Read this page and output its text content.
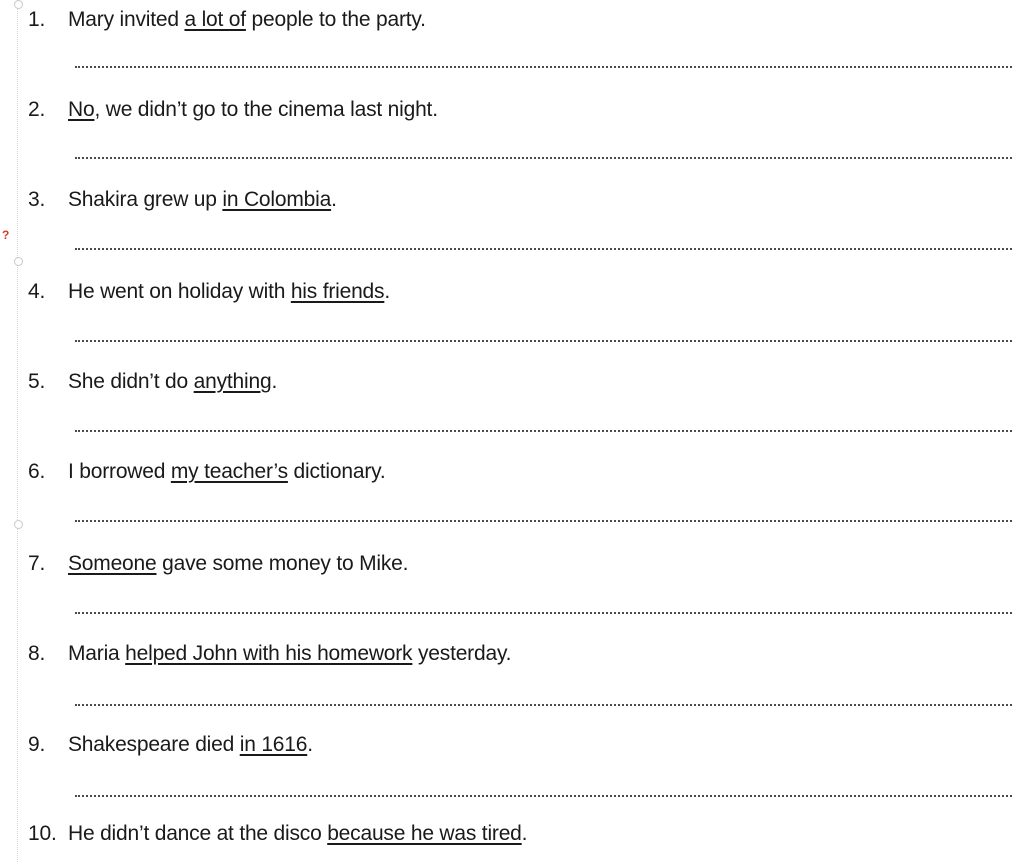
?
1. Mary invited a lot of people to the party.
2. No, we didn’t go to the cinema last night.
3. Shakira grew up in Colombia.
4. He went on holiday with his friends.
5. She didn’t do anything.
6. I borrowed my teacher’s dictionary.
7. Someone gave some money to Mike.
8. Maria helped John with his homework yesterday.
9. Shakespeare died in 1616.
10. He didn’t dance at the disco because he was tired.
